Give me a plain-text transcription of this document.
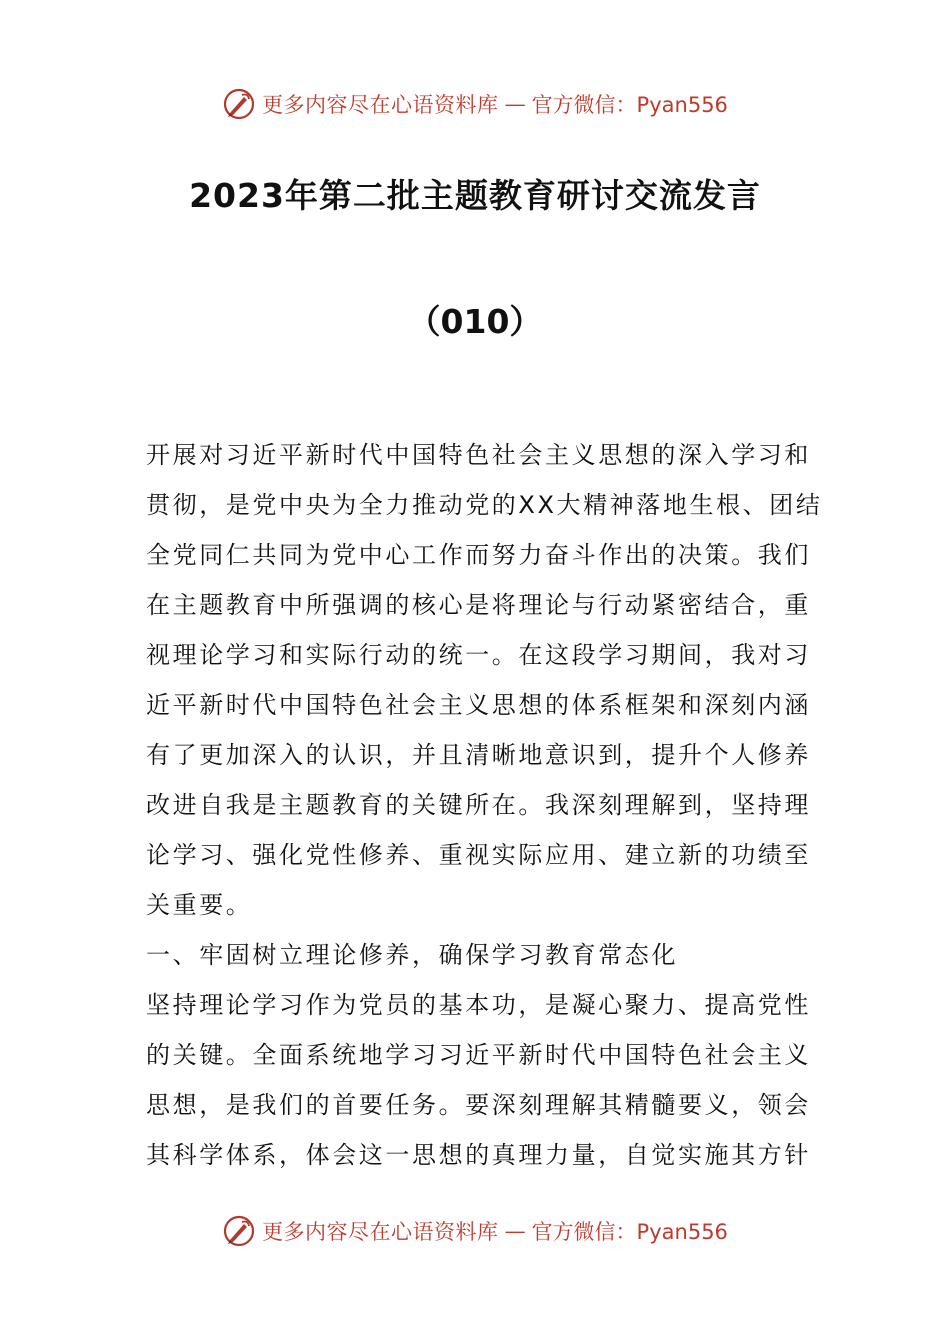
更多内容尽在心语资料库 — 官方微信：Pyan556
2023年第二批主题教育研讨交流发言
（010）
开展对习近平新时代中国特色社会主义思想的深入学习和
贯彻，是党中央为全力推动党的XX大精神落地生根、团结
全党同仁共同为党中心工作而努力奋斗作出的决策。我们
在主题教育中所强调的核心是将理论与行动紧密结合，重
视理论学习和实际行动的统一。在这段学习期间，我对习
近平新时代中国特色社会主义思想的体系框架和深刻内涵
有了更加深入的认识，并且清晰地意识到，提升个人修养
改进自我是主题教育的关键所在。我深刻理解到，坚持理
论学习、强化党性修养、重视实际应用、建立新的功绩至
关重要。
一、牢固树立理论修养，确保学习教育常态化
坚持理论学习作为党员的基本功，是凝心聚力、提高党性
的关键。全面系统地学习习近平新时代中国特色社会主义
思想，是我们的首要任务。要深刻理解其精髓要义，领会
其科学体系，体会这一思想的真理力量，自觉实施其方针
更多内容尽在心语资料库 — 官方微信：Pyan556
